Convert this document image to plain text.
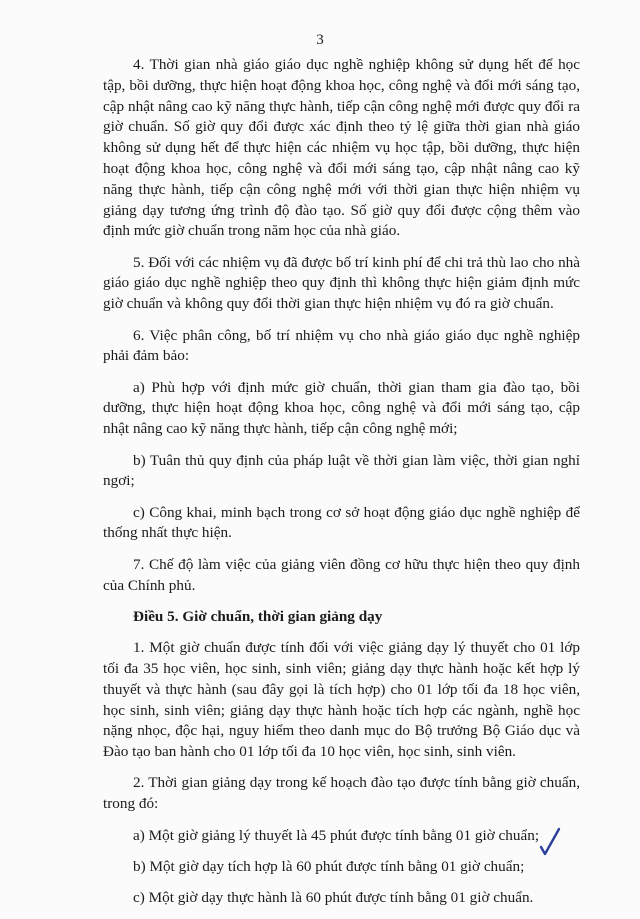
3

4. Thời gian nhà giáo giáo dục nghề nghiệp không sử dụng hết để học tập, bồi dưỡng, thực hiện hoạt động khoa học, công nghệ và đổi mới sáng tạo, cập nhật nâng cao kỹ năng thực hành, tiếp cận công nghệ mới được quy đổi ra giờ chuẩn. Số giờ quy đổi được xác định theo tỷ lệ giữa thời gian nhà giáo không sử dụng hết để thực hiện các nhiệm vụ học tập, bồi dưỡng, thực hiện hoạt động khoa học, công nghệ và đổi mới sáng tạo, cập nhật nâng cao kỹ năng thực hành, tiếp cận công nghệ mới với thời gian thực hiện nhiệm vụ giảng dạy tương ứng trình độ đào tạo. Số giờ quy đổi được cộng thêm vào định mức giờ chuẩn trong năm học của nhà giáo.

5. Đối với các nhiệm vụ đã được bố trí kinh phí để chi trả thù lao cho nhà giáo giáo dục nghề nghiệp theo quy định thì không thực hiện giảm định mức giờ chuẩn và không quy đổi thời gian thực hiện nhiệm vụ đó ra giờ chuẩn.

6. Việc phân công, bố trí nhiệm vụ cho nhà giáo giáo dục nghề nghiệp phải đảm bảo:

a) Phù hợp với định mức giờ chuẩn, thời gian tham gia đào tạo, bồi dưỡng, thực hiện hoạt động khoa học, công nghệ và đổi mới sáng tạo, cập nhật nâng cao kỹ năng thực hành, tiếp cận công nghệ mới;

b) Tuân thủ quy định của pháp luật về thời gian làm việc, thời gian nghỉ ngơi;

c) Công khai, minh bạch trong cơ sở hoạt động giáo dục nghề nghiệp để thống nhất thực hiện.

7. Chế độ làm việc của giảng viên đồng cơ hữu thực hiện theo quy định của Chính phủ.

Điều 5. Giờ chuẩn, thời gian giảng dạy

1. Một giờ chuẩn được tính đối với việc giảng dạy lý thuyết cho 01 lớp tối đa 35 học viên, học sinh, sinh viên; giảng dạy thực hành hoặc kết hợp lý thuyết và thực hành (sau đây gọi là tích hợp) cho 01 lớp tối đa 18 học viên, học sinh, sinh viên; giảng dạy thực hành hoặc tích hợp các ngành, nghề học nặng nhọc, độc hại, nguy hiểm theo danh mục do Bộ trưởng Bộ Giáo dục và Đào tạo ban hành cho 01 lớp tối đa 10 học viên, học sinh, sinh viên.

2. Thời gian giảng dạy trong kế hoạch đào tạo được tính bằng giờ chuẩn, trong đó:

a) Một giờ giảng lý thuyết là 45 phút được tính bằng 01 giờ chuẩn;

b) Một giờ dạy tích hợp là 60 phút được tính bằng 01 giờ chuẩn;

c) Một giờ dạy thực hành là 60 phút được tính bằng 01 giờ chuẩn.
